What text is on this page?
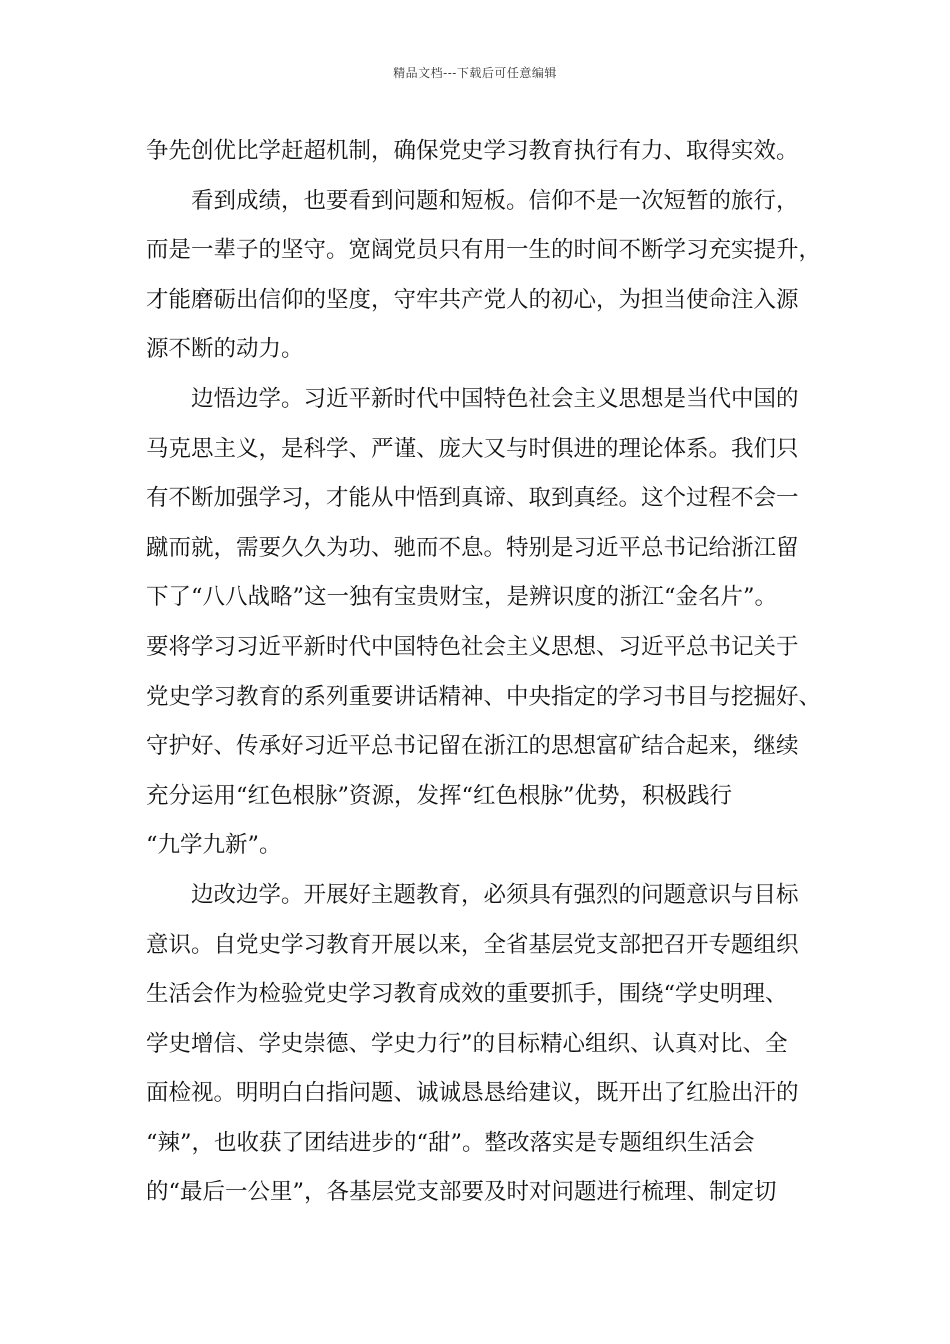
精品文档---下载后可任意编辑
争先创优比学赶超机制，确保党史学习教育执行有力、取得实效。
看到成绩，也要看到问题和短板。信仰不是一次短暂的旅行，
而是一辈子的坚守。宽阔党员只有用一生的时间不断学习充实提升，
才能磨砺出信仰的坚度，守牢共产党人的初心，为担当使命注入源
源不断的动力。
边悟边学。习近平新时代中国特色社会主义思想是当代中国的
马克思主义，是科学、严谨、庞大又与时俱进的理论体系。我们只
有不断加强学习，才能从中悟到真谛、取到真经。这个过程不会一
蹴而就，需要久久为功、驰而不息。特别是习近平总书记给浙江留
下了“八八战略”这一独有宝贵财宝，是辨识度的浙江“金名片”。
要将学习习近平新时代中国特色社会主义思想、习近平总书记关于
党史学习教育的系列重要讲话精神、中央指定的学习书目与挖掘好、
守护好、传承好习近平总书记留在浙江的思想富矿结合起来，继续
充分运用“红色根脉”资源，发挥“红色根脉”优势，积极践行
“九学九新”。
边改边学。开展好主题教育，必须具有强烈的问题意识与目标
意识。自党史学习教育开展以来，全省基层党支部把召开专题组织
生活会作为检验党史学习教育成效的重要抓手，围绕“学史明理、
学史增信、学史崇德、学史力行”的目标精心组织、认真对比、全
面检视。明明白白指问题、诚诚恳恳给建议，既开出了红脸出汗的
“辣”，也收获了团结进步的“甜”。整改落实是专题组织生活会
的“最后一公里”，各基层党支部要及时对问题进行梳理、制定切
